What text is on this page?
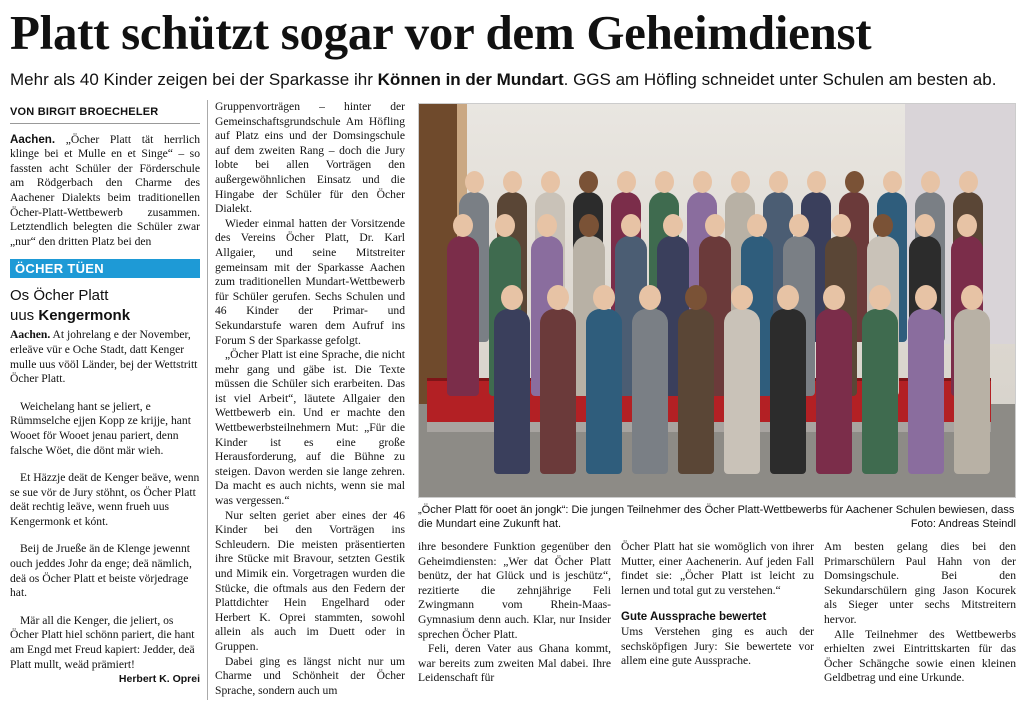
Platt schützt sogar vor dem Geheimdienst
Mehr als 40 Kinder zeigen bei der Sparkasse ihr Können in der Mundart. GGS am Höfling schneidet unter Schulen am besten ab.
VON BIRGIT BROECHELER

Aachen. „Öcher Platt tät herrlich klinge bei et Mulle en et Singe“ – so fassten acht Schüler der Förderschule am Rödgerbach den Charme des Aachener Dialekts beim traditionellen Öcher-Platt-Wettbewerb zusammen. Letztendlich belegten die Schüler zwar „nur“ den dritten Platz bei den

ÖCHER TÜEN
Os Öcher Platt
uus Kengermonk

Aachen. At johrelang e der November, erleäve vür e Oche Stadt, datt Kenger mulle uus vööl Länder, bej der Wettstritt Öcher Platt.

Weichelang hant se jeliert, e Rümmselche ejjen Kopp ze krijje, hant Wooet för Wooet jenau pariert, denn falsche Wöet, die dönt mär wieh.

Et Häzzje deät de Kenger beäve, wenn se sue vör de Jury stöhnt, os Öcher Platt deät rechtig leäve, wenn frueh uus Kengermonk et kónt.

Beij de Jrueße än de Klenge jewennt ouch jeddes Johr da enge; deä nämlich, deä os Öcher Platt et beiste vörjedrage hat.

Mär all die Kenger, die jeliert, os Öcher Platt hiel schönn pariert, die hant am Engd met Freud kapiert: Jedder, deä Platt mullt, weäd prämiert!
Herbert K. Oprei

Gruppenvorträgen – hinter der Gemeinschaftsgrundschule Am Höfling auf Platz eins und der Domsingschule auf dem zweiten Rang – doch die Jury lobte bei allen Vorträgen den außergewöhnlichen Einsatz und die Hingabe der Schüler für den Öcher Dialekt.

Wieder einmal hatten der Vorsitzende des Vereins Öcher Platt, Dr. Karl Allgaier, und seine Mitstreiter gemeinsam mit der Sparkasse Aachen zum traditionellen Mundart-Wettbewerb für Schüler gerufen. Sechs Schulen und 46 Kinder der Primar- und Sekundarstufe waren dem Aufruf ins Forum S der Sparkasse gefolgt.

„Öcher Platt ist eine Sprache, die nicht mehr gang und gäbe ist. Die Texte müssen die Schüler sich erarbeiten. Das ist viel Arbeit“, läutete Allgaier den Wettbewerb ein. Und er machte den Wettbewerbsteilnehmern Mut: „Für die Kinder ist es eine große Herausforderung, auf die Bühne zu steigen. Davon werden sie lange zehren. Da macht es auch nichts, wenn sie mal was vergessen.“

Nur selten geriet aber eines der 46 Kinder bei den Vorträgen ins Schleudern. Die meisten präsentierten ihre Stücke mit Bravour, setzten Gestik und Mimik ein. Vorgetragen wurden die Stücke, die oftmals aus den Federn der Plattdichter Hein Engelhard oder Herbert K. Oprei stammten, sowohl allein als auch im Duett oder in Gruppen.

Dabei ging es längst nicht nur um Charme und Schönheit der Öcher Sprache, sondern auch um

„Öcher Platt för ooet än jongk“: Die jungen Teilnehmer des Öcher Platt-Wettbewerbs für Aachener Schulen bewiesen, dass die Mundart eine Zukunft hat.	Foto: Andreas Steindl

ihre besondere Funktion gegenüber den Geheimdiensten: „Wer dat Öcher Platt benütz, der hat Glück und is jeschütz“, rezitierte die zehnjährige Feli Zwingmann vom Rhein-Maas-Gymnasium denn auch. Klar, nur Insider sprechen Öcher Platt.

Feli, deren Vater aus Ghana kommt, war bereits zum zweiten Mal dabei. Ihre Leidenschaft für

Öcher Platt hat sie womöglich von ihrer Mutter, einer Aachenerin. Auf jeden Fall findet sie: „Öcher Platt ist leicht zu lernen und total gut zu verstehen.“

Gute Aussprache bewertet

Ums Verstehen ging es auch der sechsköpfigen Jury: Sie bewertete vor allem eine gute Aussprache.

Am besten gelang dies bei den Primarschülern Paul Hahn von der Domsingschule. Bei den Sekundarschülern ging Jason Kocurek als Sieger unter sechs Mitstreitern hervor.

Alle Teilnehmer des Wettbewerbs erhielten zwei Eintrittskarten für das Öcher Schängche sowie einen kleinen Geldbetrag und eine Urkunde.
